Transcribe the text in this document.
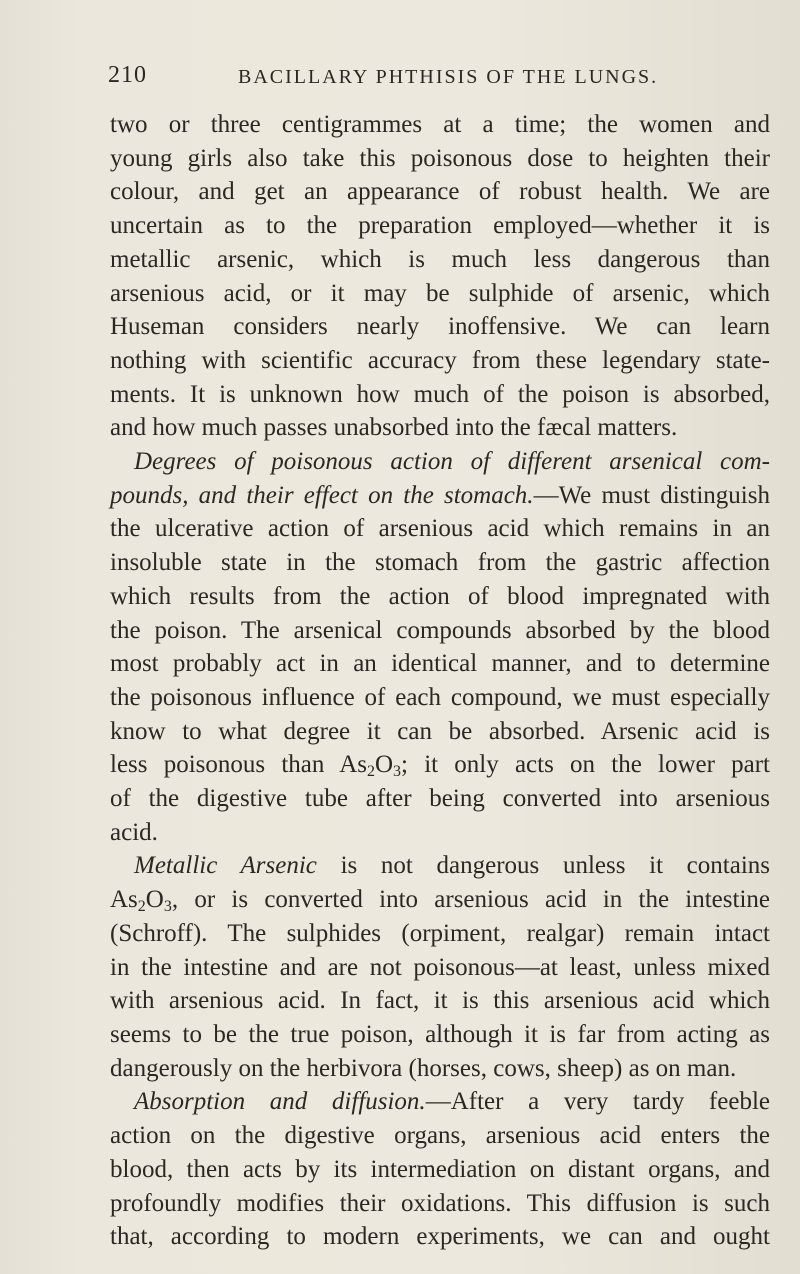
210	BACILLARY PHTHISIS OF THE LUNGS.
two or three centigrammes at a time; the women and
young girls also take this poisonous dose to heighten their
colour, and get an appearance of robust health. We are
uncertain as to the preparation employed—whether it is
metallic arsenic, which is much less dangerous than
arsenious acid, or it may be sulphide of arsenic, which
Huseman considers nearly inoffensive. We can learn
nothing with scientific accuracy from these legendary state-
ments. It is unknown how much of the poison is absorbed,
and how much passes unabsorbed into the fæcal matters.
Degrees of poisonous action of different arsenical com-
pounds, and their effect on the stomach.—We must distinguish
the ulcerative action of arsenious acid which remains in an
insoluble state in the stomach from the gastric affection
which results from the action of blood impregnated with
the poison. The arsenical compounds absorbed by the blood
most probably act in an identical manner, and to determine
the poisonous influence of each compound, we must especially
know to what degree it can be absorbed. Arsenic acid is
less poisonous than $As_2O_3$; it only acts on the lower part
of the digestive tube after being converted into arsenious
acid.
Metallic Arsenic is not dangerous unless it contains
$As_2O_3$, or is converted into arsenious acid in the intestine
(Schroff). The sulphides (orpiment, realgar) remain intact
in the intestine and are not poisonous—at least, unless mixed
with arsenious acid. In fact, it is this arsenious acid which
seems to be the true poison, although it is far from acting as
dangerously on the herbivora (horses, cows, sheep) as on man.
Absorption and diffusion.—After a very tardy feeble
action on the digestive organs, arsenious acid enters the
blood, then acts by its intermediation on distant organs, and
profoundly modifies their oxidations. This diffusion is such
that, according to modern experiments, we can and ought
